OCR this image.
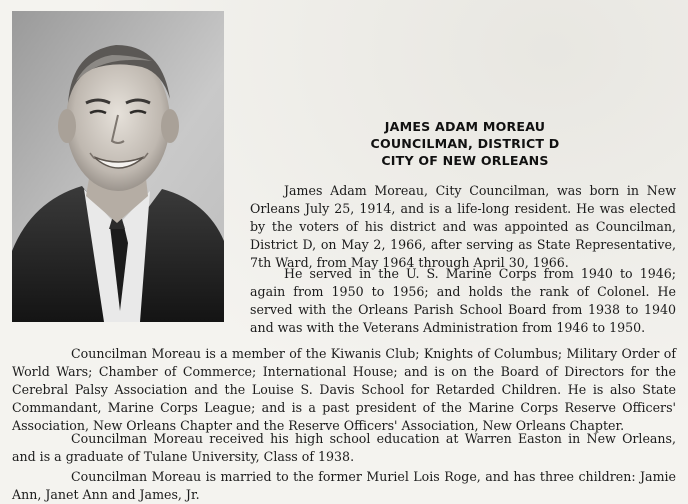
JAMES ADAM MOREAU
COUNCILMAN, DISTRICT D
CITY OF NEW ORLEANS

James Adam Moreau, City Councilman, was born in New Orleans July 25, 1914, and is a life-long resident. He was elected by the voters of his district and was appointed as Councilman, District D, on May 2, 1966, after serving as State Representative, 7th Ward, from May 1964 through April 30, 1966.

He served in the U. S. Marine Corps from 1940 to 1946; again from 1950 to 1956; and holds the rank of Colonel. He served with the Orleans Parish School Board from 1938 to 1940 and was with the Veterans Administration from 1946 to 1950.

Councilman Moreau is a member of the Kiwanis Club; Knights of Columbus; Military Order of World Wars; Chamber of Commerce; International House; and is on the Board of Directors for the Cerebral Palsy Association and the Louise S. Davis School for Retarded Children. He is also State Commandant, Marine Corps League; and is a past president of the Marine Corps Reserve Officers' Association, New Orleans Chapter and the Reserve Officers' Association, New Orleans Chapter.

Councilman Moreau received his high school education at Warren Easton in New Orleans, and is a graduate of Tulane University, Class of 1938.

Councilman Moreau is married to the former Muriel Lois Roge, and has three children: Jamie Ann, Janet Ann and James, Jr.
